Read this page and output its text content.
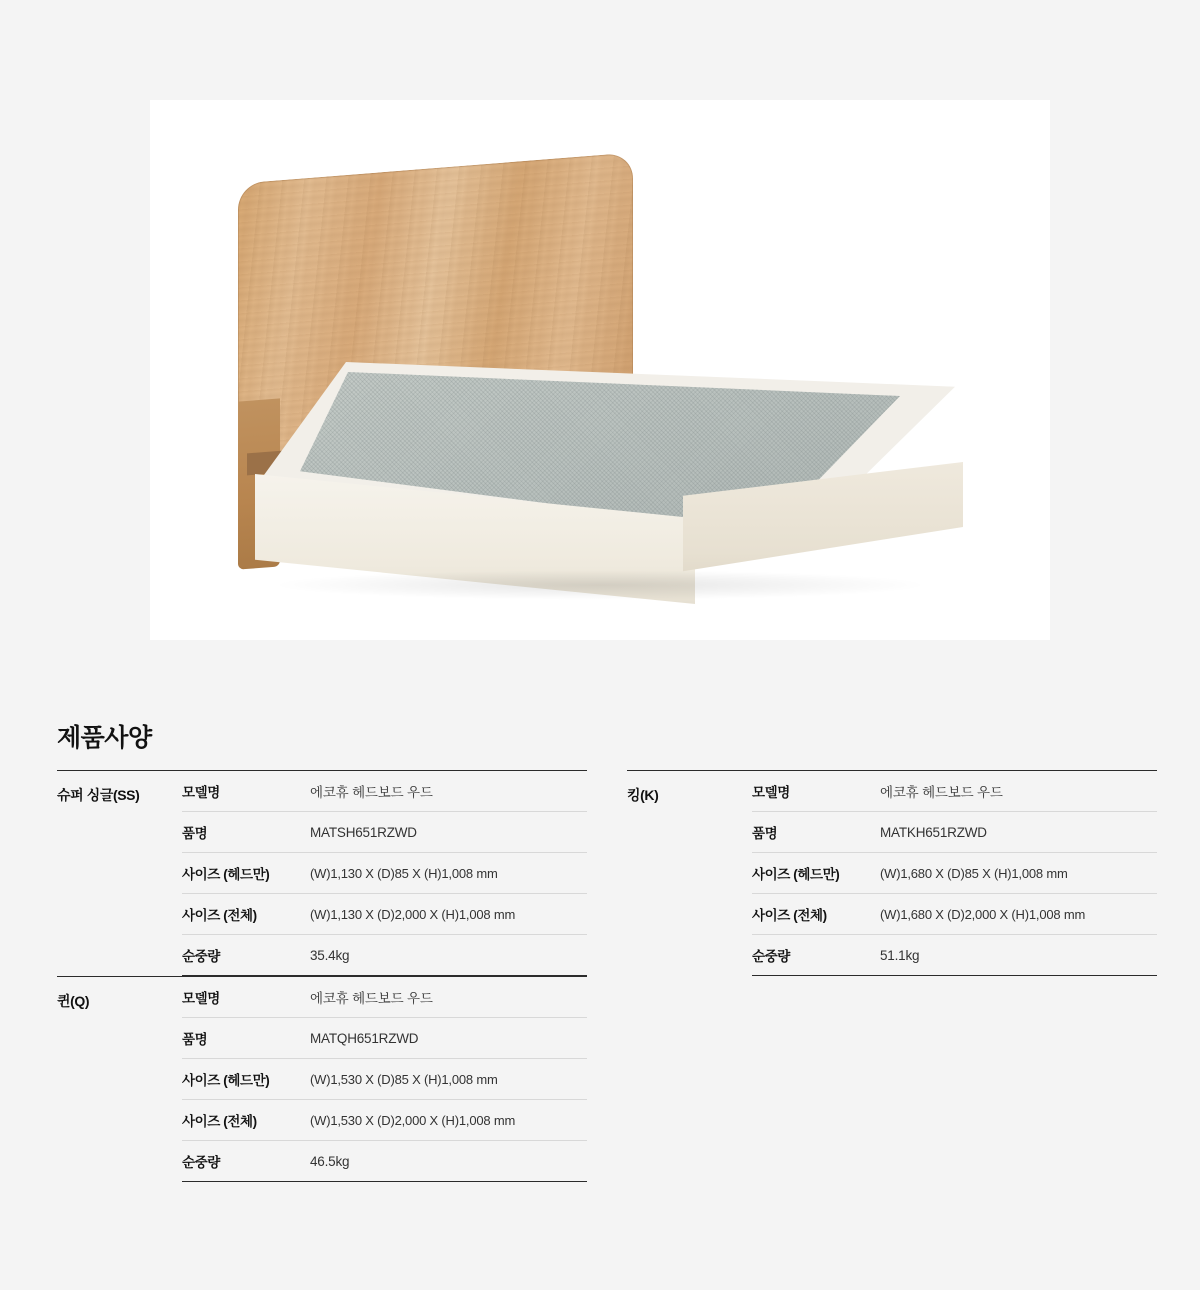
제품사양
슈퍼 싱글(SS)	모델명	에코휴 헤드보드 우드
품명	MATSH651RZWD
사이즈 (헤드만)	(W)1,130 X (D)85 X (H)1,008 mm
사이즈 (전체)	(W)1,130 X (D)2,000 X (H)1,008 mm
순중량	35.4kg
퀸(Q)	모델명	에코휴 헤드보드 우드
품명	MATQH651RZWD
사이즈 (헤드만)	(W)1,530 X (D)85 X (H)1,008 mm
사이즈 (전체)	(W)1,530 X (D)2,000 X (H)1,008 mm
순중량	46.5kg
킹(K)	모델명	에코휴 헤드보드 우드
품명	MATKH651RZWD
사이즈 (헤드만)	(W)1,680 X (D)85 X (H)1,008 mm
사이즈 (전체)	(W)1,680 X (D)2,000 X (H)1,008 mm
순중량	51.1kg
